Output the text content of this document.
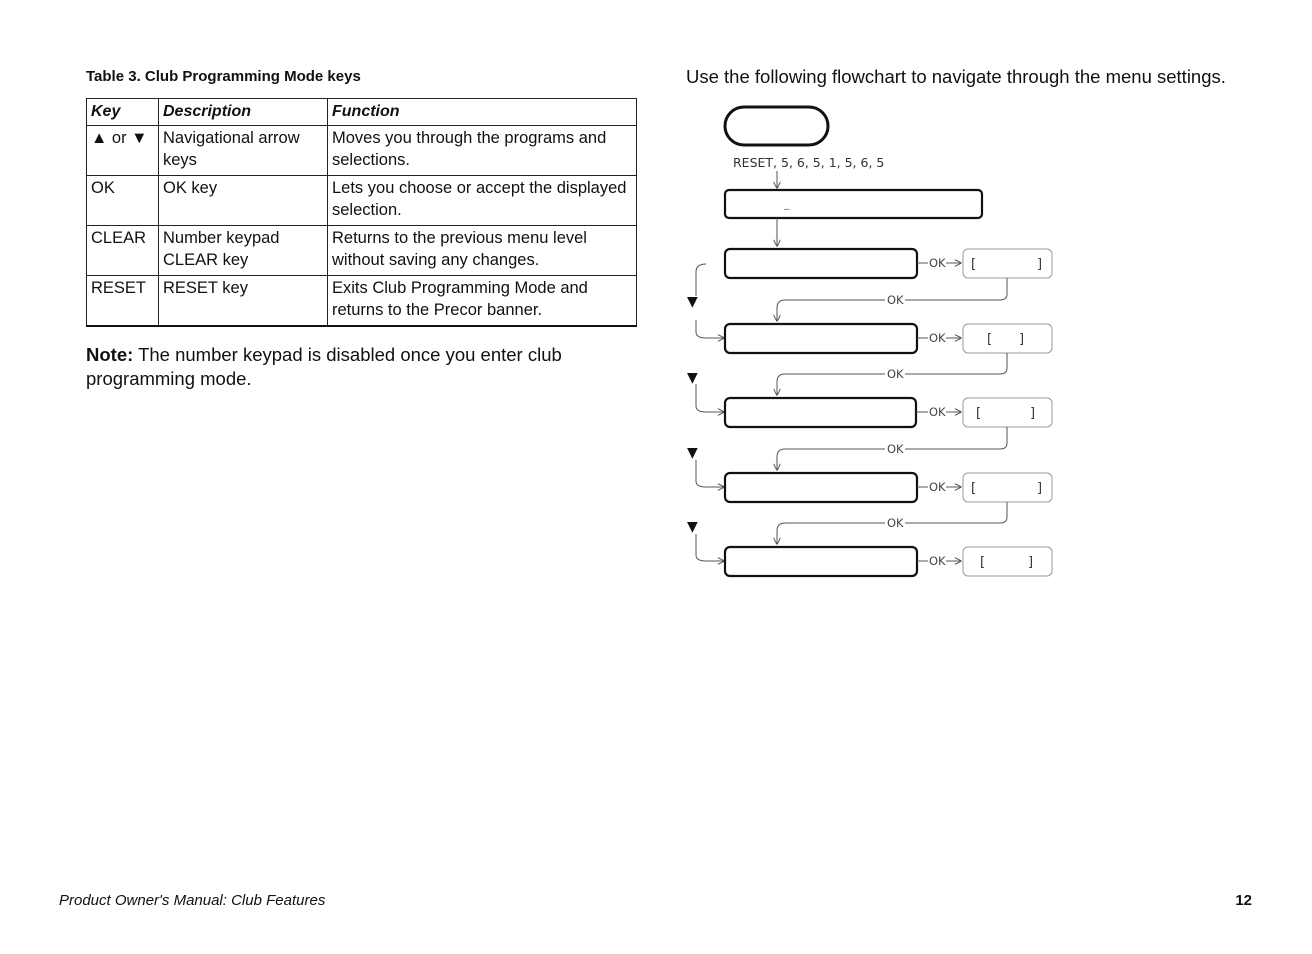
Table 3. Club Programming Mode keys
Key	Description	Function
▲ or ▼	Navigational arrow keys	Moves you through the programs and selections.
OK	OK key	Lets you choose or accept the displayed selection.
CLEAR	Number keypad CLEAR key	Returns to the previous menu level without saving any changes.
RESET	RESET key	Exits Club Programming Mode and returns to the Precor banner.
Note: The number keypad is disabled once you enter club programming mode.
Use the following flowchart to navigate through the menu settings.
RESET, 5, 6, 5, 1, 5, 6, 5
_
▼
▼
▼
▼
OK [	]
OK
OK	[ ]
OK
OK [	]
OK
OK [	]
OK
OK	[	]
Product Owner's Manual: Club Features	12
